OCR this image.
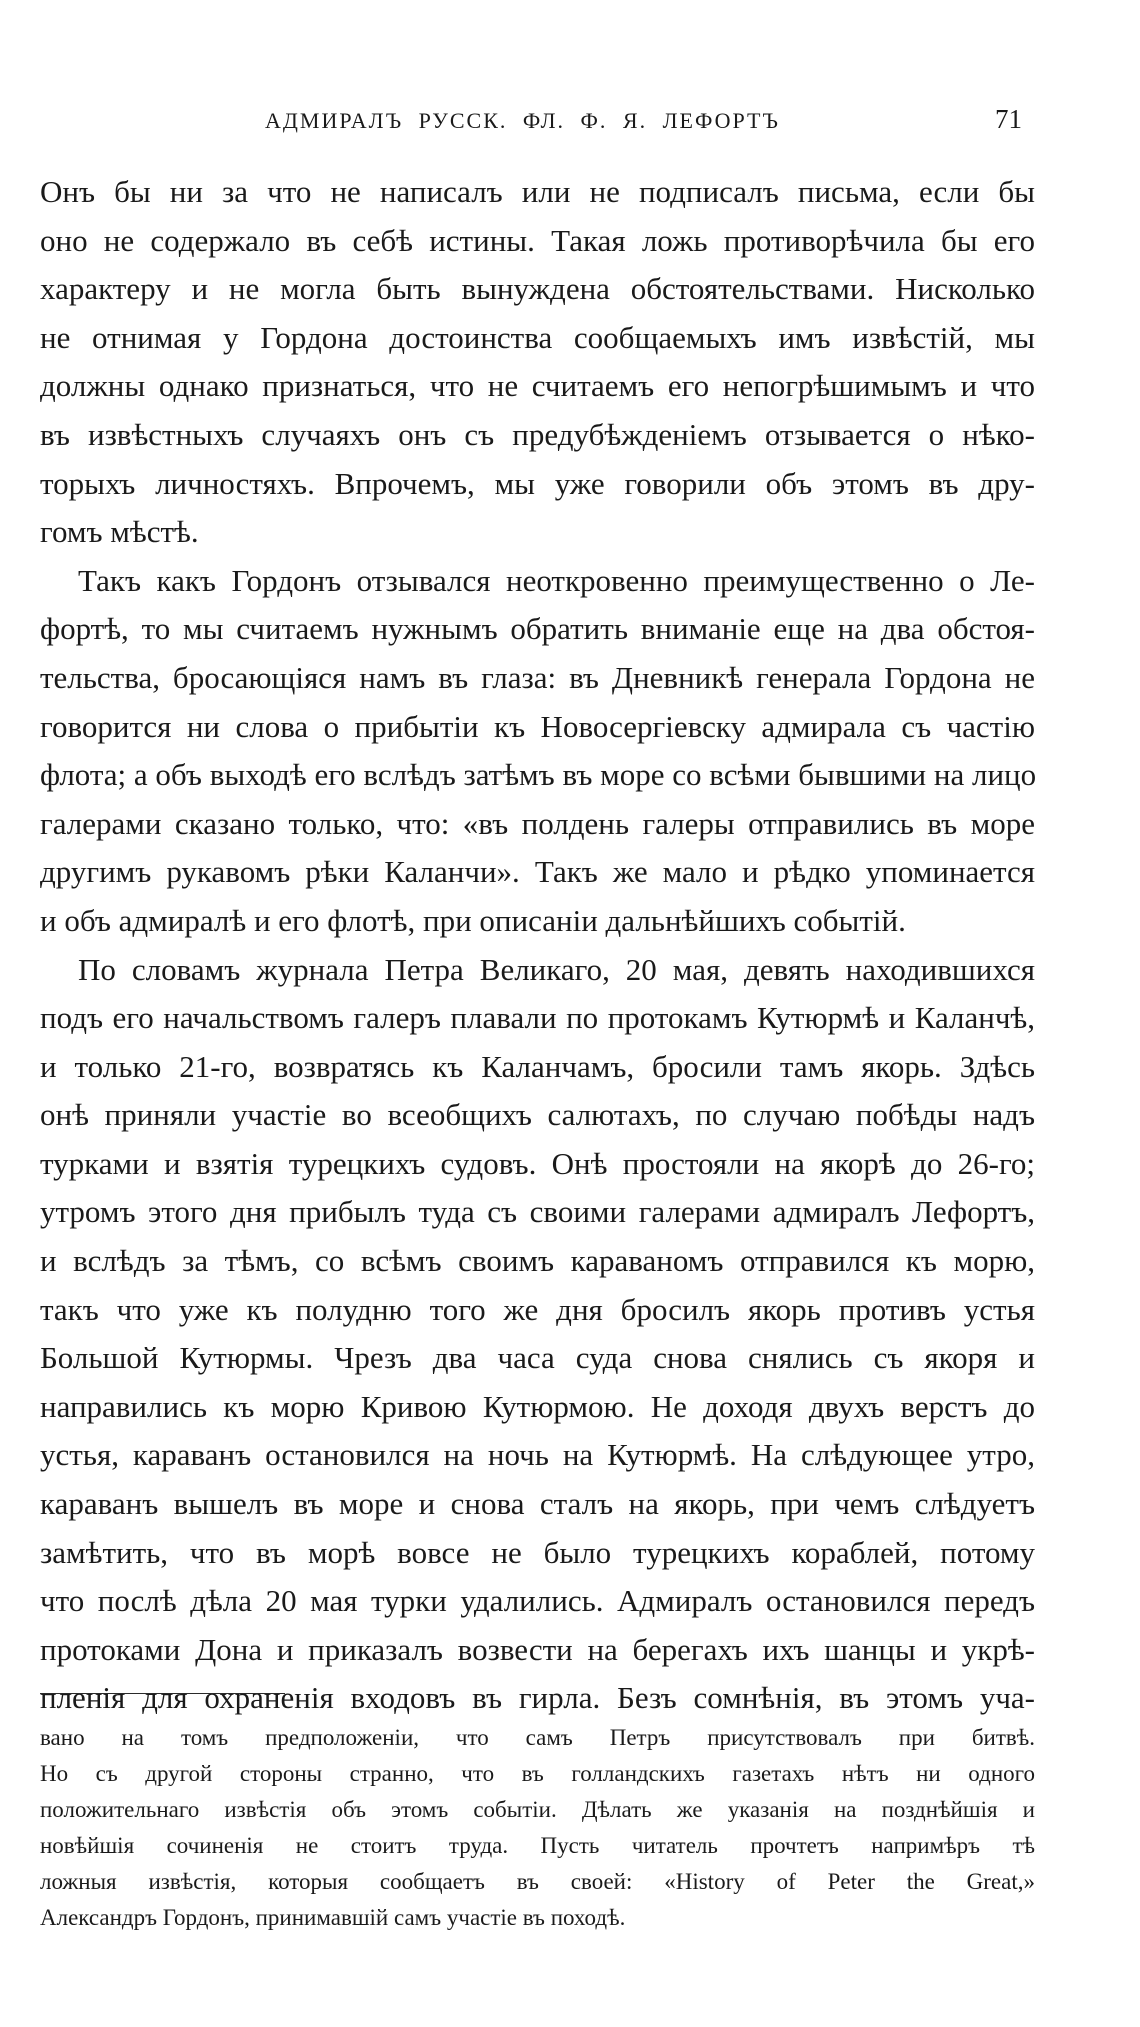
АДМИРАЛЪ РУССК. ФЛ. Ф. Я. ЛЕФОРТЪ	71
Онъ бы ни за что не написалъ или не подписалъ письма, если бы
оно не содержало въ себѣ истины. Такая ложь противорѣчила бы его
характеру и не могла быть вынуждена обстоятельствами. Нисколько
не отнимая у Гордона достоинства сообщаемыхъ имъ извѣстій, мы
должны однако признаться, что не считаемъ его непогрѣшимымъ и что
въ извѣстныхъ случаяхъ онъ съ предубѣжденіемъ отзывается о нѣко-
торыхъ личностяхъ. Впрочемъ, мы уже говорили объ этомъ въ дру-
гомъ мѣстѣ.
Такъ какъ Гордонъ отзывался неоткровенно преимущественно о Ле-
фортѣ, то мы считаемъ нужнымъ обратить вниманіе еще на два обстоя-
тельства, бросающіяся намъ въ глаза: въ Дневникѣ генерала Гордона не
говорится ни слова о прибытіи къ Новосергіевску адмирала съ частію
флота; а объ выходѣ его вслѣдъ затѣмъ въ море со всѣми бывшими на лицо
галерами сказано только, что: «въ полдень галеры отправились въ море
другимъ рукавомъ рѣки Каланчи». Такъ же мало и рѣдко упоминается
и объ адмиралѣ и его флотѣ, при описаніи дальнѣйшихъ событій.
По словамъ журнала Петра Великаго, 20 мая, девять находившихся
подъ его начальствомъ галеръ плавали по протокамъ Кутюрмѣ и Каланчѣ,
и только 21-го, возвратясь къ Каланчамъ, бросили тамъ якорь. Здѣсь
онѣ приняли участіе во всеобщихъ салютахъ, по случаю побѣды надъ
турками и взятія турецкихъ судовъ. Онѣ простояли на якорѣ до 26-го;
утромъ этого дня прибылъ туда съ своими галерами адмиралъ Лефортъ,
и вслѣдъ за тѣмъ, со всѣмъ своимъ караваномъ отправился къ морю,
такъ что уже къ полудню того же дня бросилъ якорь противъ устья
Большой Кутюрмы. Чрезъ два часа суда снова снялись съ якоря и
направились къ морю Кривою Кутюрмою. Не доходя двухъ верстъ до
устья, караванъ остановился на ночь на Кутюрмѣ. На слѣдующее утро,
караванъ вышелъ въ море и снова сталъ на якорь, при чемъ слѣдуетъ
замѣтить, что въ морѣ вовсе не было турецкихъ кораблей, потому
что послѣ дѣла 20 мая турки удалились. Адмиралъ остановился передъ
протоками Дона и приказалъ возвести на берегахъ ихъ шанцы и укрѣ-
пленія для охраненія входовъ въ гирла. Безъ сомнѣнія, въ этомъ уча-
вано на томъ предположеніи, что самъ Петръ присутствовалъ при битвѣ.
Но съ другой стороны странно, что въ голландскихъ газетахъ нѣтъ ни одного
положительнаго извѣстія объ этомъ событіи. Дѣлать же указанія на позднѣйшія и
новѣйшія сочиненія не стоитъ труда. Пусть читатель прочтетъ напримѣръ тѣ
ложныя извѣстія, которыя сообщаетъ въ своей: «History of Peter the Great,»
Александръ Гордонъ, принимавшій самъ участіе въ походѣ.
